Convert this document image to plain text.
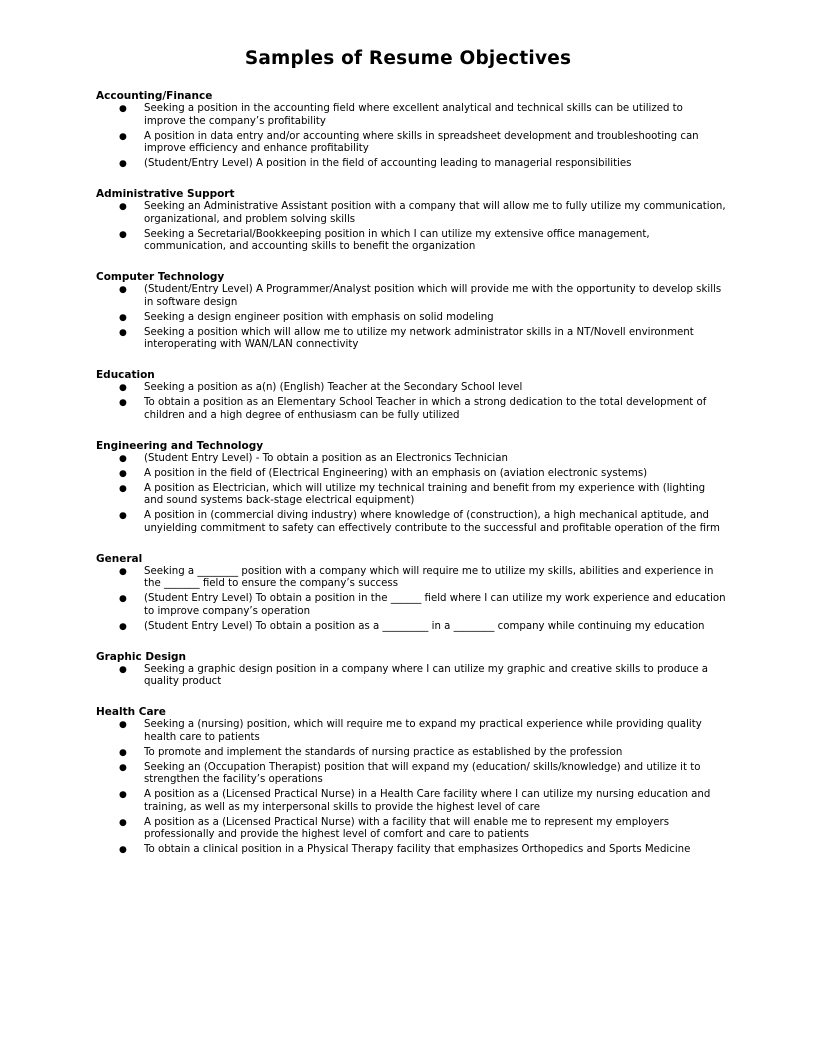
Samples of Resume Objectives
Accounting/Finance
● Seeking a position in the accounting field where excellent analytical and technical skills can be utilized to improve the company’s profitability
● A position in data entry and/or accounting where skills in spreadsheet development and troubleshooting can improve efficiency and enhance profitability
● (Student/Entry Level) A position in the field of accounting leading to managerial responsibilities
Administrative Support
● Seeking an Administrative Assistant position with a company that will allow me to fully utilize my communication, organizational, and problem solving skills
● Seeking a Secretarial/Bookkeeping position in which I can utilize my extensive office management, communication, and accounting skills to benefit the organization
Computer Technology
● (Student/Entry Level) A Programmer/Analyst position which will provide me with the opportunity to develop skills in software design
● Seeking a design engineer position with emphasis on solid modeling
● Seeking a position which will allow me to utilize my network administrator skills in a NT/Novell environment interoperating with WAN/LAN connectivity
Education
● Seeking a position as a(n) (English) Teacher at the Secondary School level
● To obtain a position as an Elementary School Teacher in which a strong dedication to the total development of children and a high degree of enthusiasm can be fully utilized
Engineering and Technology
● (Student Entry Level) - To obtain a position as an Electronics Technician
● A position in the field of (Electrical Engineering) with an emphasis on (aviation electronic systems)
● A position as Electrician, which will utilize my technical training and benefit from my experience with (lighting and sound systems back-stage electrical equipment)
● A position in (commercial diving industry) where knowledge of (construction), a high mechanical aptitude, and unyielding commitment to safety can effectively contribute to the successful and profitable operation of the firm
General
● Seeking a ________ position with a company which will require me to utilize my skills, abilities and experience in the _______ field to ensure the company’s success
● (Student Entry Level) To obtain a position in the ______ field where I can utilize my work experience and education to improve company’s operation
● (Student Entry Level) To obtain a position as a _________ in a ________ company while continuing my education
Graphic Design
● Seeking a graphic design position in a company where I can utilize my graphic and creative skills to produce a quality product
Health Care
● Seeking a (nursing) position, which will require me to expand my practical experience while providing quality health care to patients
● To promote and implement the standards of nursing practice as established by the profession
● Seeking an (Occupation Therapist) position that will expand my (education/ skills/knowledge) and utilize it to strengthen the facility’s operations
● A position as a (Licensed Practical Nurse) in a Health Care facility where I can utilize my nursing education and training, as well as my interpersonal skills to provide the highest level of care
● A position as a (Licensed Practical Nurse) with a facility that will enable me to represent my employers professionally and provide the highest level of comfort and care to patients
● To obtain a clinical position in a Physical Therapy facility that emphasizes Orthopedics and Sports Medicine
